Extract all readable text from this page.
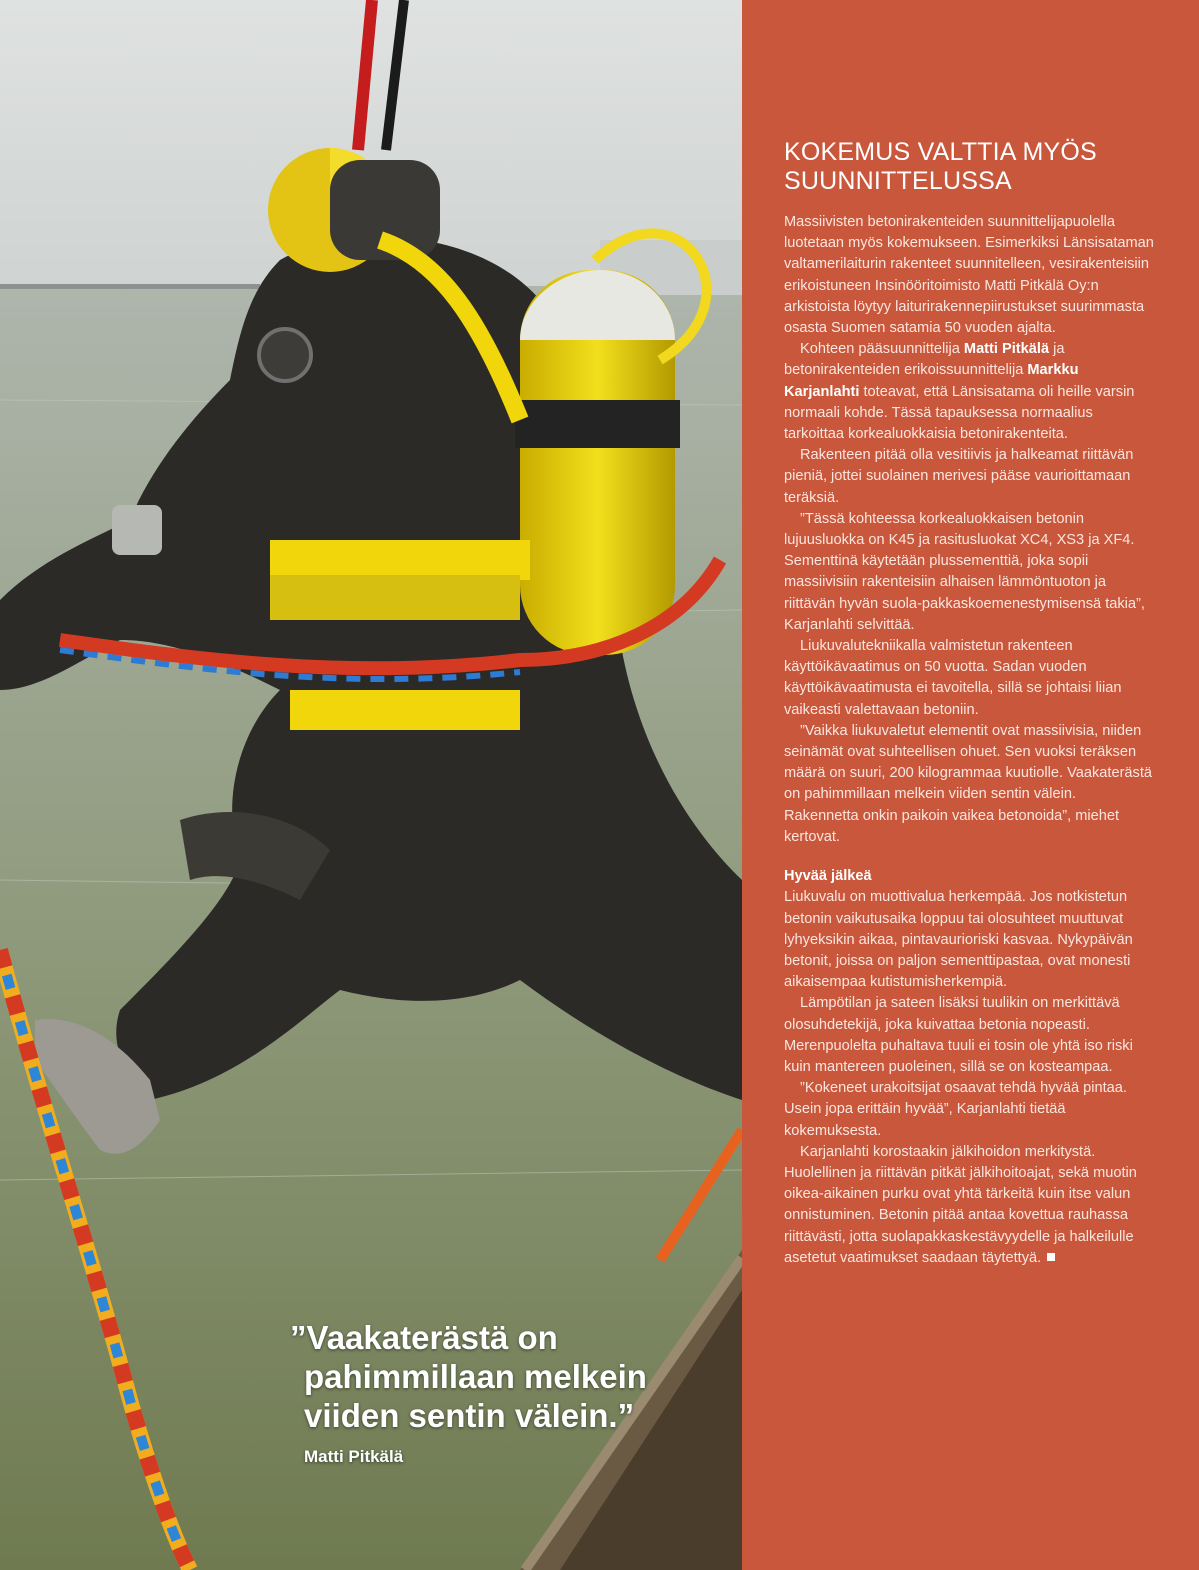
”Vaakaterästä on pahimmillaan melkein viiden sentin välein.”

Matti Pitkälä
KOKEMUS VALTTIA MYÖS SUUNNITTELUSSA

Massiivisten betonirakenteiden suunnittelijapuolella luotetaan myös kokemukseen. Esimerkiksi Länsisataman valtamerilaiturin rakenteet suunnitelleen, vesirakenteisiin erikoistuneen Insinööritoimisto Matti Pitkälä Oy:n arkistoista löytyy laiturirakennepiirustukset suurimmasta osasta Suomen satamia 50 vuoden ajalta.

Kohteen pääsuunnittelija Matti Pitkälä ja betonirakenteiden erikoissuunnittelija Markku Karjanlahti toteavat, että Länsisatama oli heille varsin normaali kohde. Tässä tapauksessa normaalius tarkoittaa korkealuokkaisia betonirakenteita.

Rakenteen pitää olla vesitiivis ja halkeamat riittävän pieniä, jottei suolainen merivesi pääse vaurioittamaan teräksiä.

”Tässä kohteessa korkealuokkaisen betonin lujuusluokka on K45 ja rasitusluokat XC4, XS3 ja XF4. Sementtinä käytetään plussementtiä, joka sopii massiivisiin rakenteisiin alhaisen lämmöntuoton ja riittävän hyvän suola-pakkaskoemenestymisensä takia”, Karjanlahti selvittää.

Liukuvalutekniikalla valmistetun rakenteen käyttöikävaatimus on 50 vuotta. Sadan vuoden käyttöikävaatimusta ei tavoitella, sillä se johtaisi liian vaikeasti valettavaan betoniin.

”Vaikka liukuvaletut elementit ovat massiivisia, niiden seinämät ovat suhteellisen ohuet. Sen vuoksi teräksen määrä on suuri, 200 kilogrammaa kuutiolle. Vaakaterästä on pahimmillaan melkein viiden sentin välein. Rakennetta onkin paikoin vaikea betonoida”, miehet kertovat.

Hyvää jälkeä

Liukuvalu on muottivalua herkempää. Jos notkistetun betonin vaikutusaika loppuu tai olosuhteet muuttuvat lyhyeksikin aikaa, pintavaurioriski kasvaa. Nykypäivän betonit, joissa on paljon sementtipastaa, ovat monesti aikaisempaa kutistumisherkempiä.

Lämpötilan ja sateen lisäksi tuulikin on merkittävä olosuhdetekijä, joka kuivattaa betonia nopeasti. Merenpuolelta puhaltava tuuli ei tosin ole yhtä iso riski kuin mantereen puoleinen, sillä se on kosteampaa.

”Kokeneet urakoitsijat osaavat tehdä hyvää pintaa. Usein jopa erittäin hyvää”, Karjanlahti tietää kokemuksesta.

Karjanlahti korostaakin jälkihoidon merkitystä. Huolellinen ja riittävän pitkät jälkihoitoajat, sekä muotin oikea-aikainen purku ovat yhtä tärkeitä kuin itse valun onnistuminen. Betonin pitää antaa kovettua rauhassa riittävästi, jotta suolapakkaskestävyydelle ja halkeilulle asetetut vaatimukset saadaan täytettyä.
